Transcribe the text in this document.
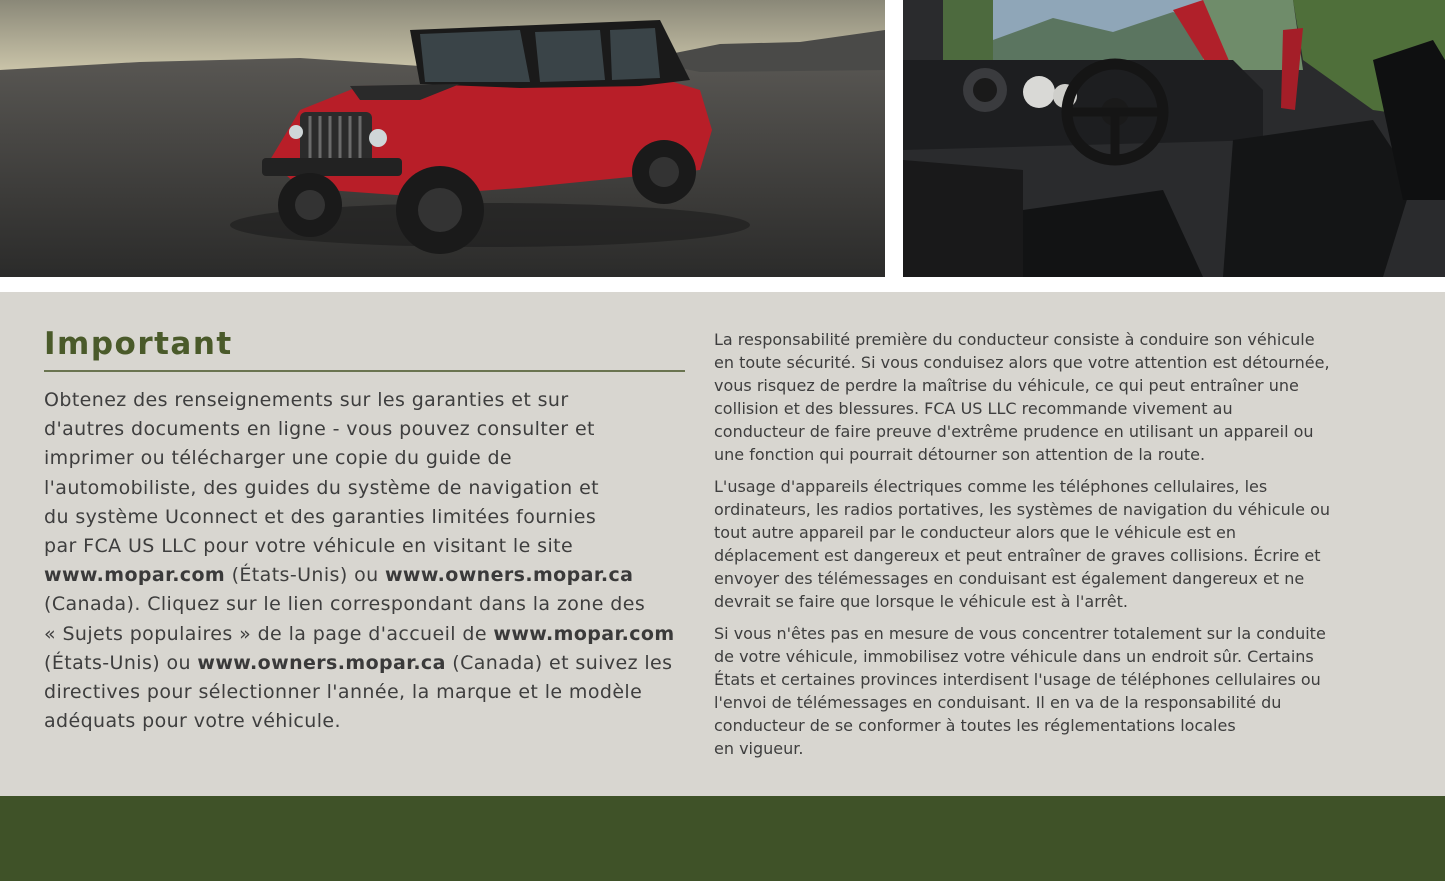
Important

Obtenez des renseignements sur les garanties et sur
d'autres documents en ligne - vous pouvez consulter et
imprimer ou télécharger une copie du guide de
l'automobiliste, des guides du système de navigation et
du système Uconnect et des garanties limitées fournies
par FCA US LLC pour votre véhicule en visitant le site
www.mopar.com (États-Unis) ou www.owners.mopar.ca
(Canada). Cliquez sur le lien correspondant dans la zone des
« Sujets populaires » de la page d'accueil de www.mopar.com
(États-Unis) ou www.owners.mopar.ca (Canada) et suivez les
directives pour sélectionner l'année, la marque et le modèle
adéquats pour votre véhicule.

La responsabilité première du conducteur consiste à conduire son véhicule
en toute sécurité. Si vous conduisez alors que votre attention est détournée,
vous risquez de perdre la maîtrise du véhicule, ce qui peut entraîner une
collision et des blessures. FCA US LLC recommande vivement au
conducteur de faire preuve d'extrême prudence en utilisant un appareil ou
une fonction qui pourrait détourner son attention de la route.

L'usage d'appareils électriques comme les téléphones cellulaires, les
ordinateurs, les radios portatives, les systèmes de navigation du véhicule ou
tout autre appareil par le conducteur alors que le véhicule est en
déplacement est dangereux et peut entraîner de graves collisions. Écrire et
envoyer des télémessages en conduisant est également dangereux et ne
devrait se faire que lorsque le véhicule est à l'arrêt.

Si vous n'êtes pas en mesure de vous concentrer totalement sur la conduite
de votre véhicule, immobilisez votre véhicule dans un endroit sûr. Certains
États et certaines provinces interdisent l'usage de téléphones cellulaires ou
l'envoi de télémessages en conduisant. Il en va de la responsabilité du
conducteur de se conformer à toutes les réglementations locales
en vigueur.
